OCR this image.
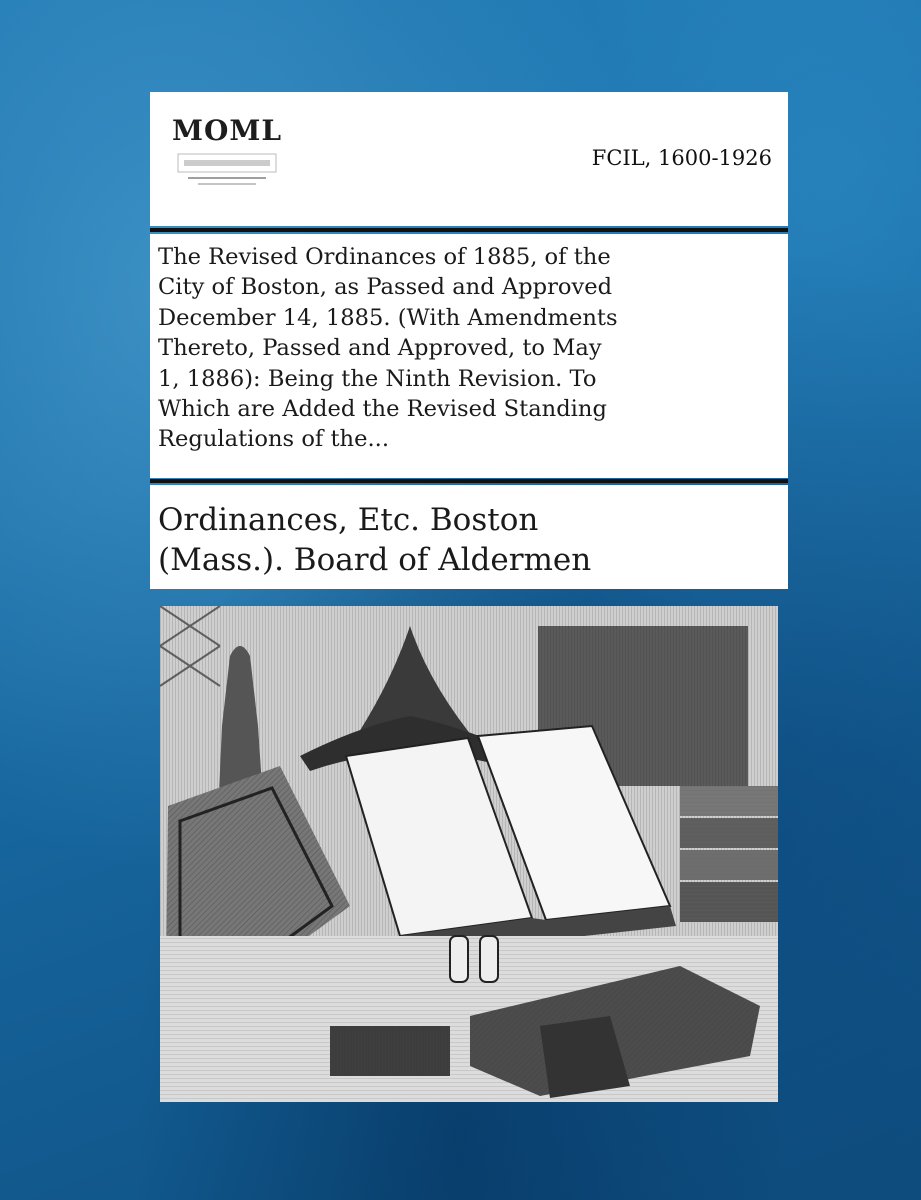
MOML
FCIL, 1600-1926
The Revised Ordinances of 1885, of the
City of Boston, as Passed and Approved
December 14, 1885. (With Amendments
Thereto, Passed and Approved, to May
1, 1886): Being the Ninth Revision. To
Which are Added the Revised Standing
Regulations of the...
Ordinances, Etc. Boston
(Mass.). Board of Aldermen
